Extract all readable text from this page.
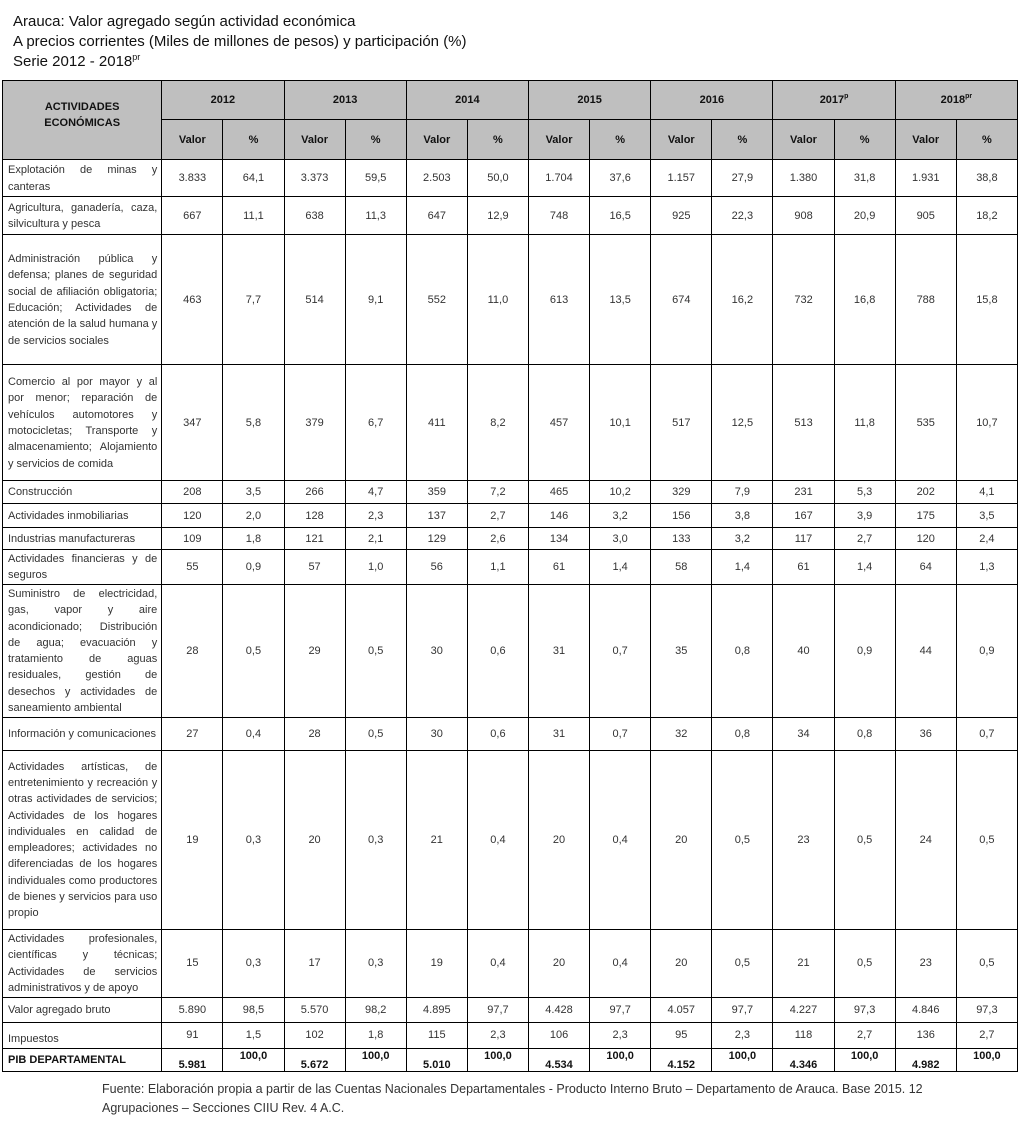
Arauca: Valor agregado según actividad económica
A precios corrientes (Miles de millones de pesos) y participación (%)
Serie $2012 - 2018^{pr}$
ACTIVIDADES ECONÓMICAS	2012		2013		2014		2015		2016		2017$^p$		$2018^{pr}$
	Valor	%	Valor	%	Valor	%	Valor	%	Valor	%	Valor	%	Valor	%
Explotación de minas y canteras	3.833	64,1	3.373	59,5	2.503	50,0	1.704	37,6	1.157	27,9	1.380	31,8	1.931	38,8
Agricultura, ganadería, caza, silvicultura y pesca	667	11,1	638	11,3	647	12,9	748	16,5	925	22,3	908	20,9	905	18,2
Administración pública y defensa; planes de seguridad social de afiliación obligatoria; Educación; Actividades de atención de la salud humana y de servicios sociales	463	7,7	514	9,1	552	11,0	613	13,5	674	16,2	732	16,8	788	15,8
Comercio al por mayor y al por menor; reparación de vehículos automotores y motocicletas; Transporte y almacenamiento; Alojamiento y servicios de comida	347	5,8	379	6,7	411	8,2	457	10,1	517	12,5	513	11,8	535	10,7
Construcción	208	3,5	266	4,7	359	7,2	465	10,2	329	7,9	231	5,3	202	4,1
Actividades inmobiliarias	120	2,0	128	2,3	137	2,7	146	3,2	156	3,8	167	3,9	175	3,5
Industrias manufactureras	109	1,8	121	2,1	129	2,6	134	3,0	133	3,2	117	2,7	120	2,4
Actividades financieras y de seguros	55	0,9	57	1,0	56	1,1	61	1,4	58	1,4	61	1,4	64	1,3
Suministro de electricidad, gas, vapor y aire acondicionado; Distribución de agua; evacuación y tratamiento de aguas residuales, gestión de desechos y actividades de saneamiento ambiental	28	0,5	29	0,5	30	0,6	31	0,7	35	0,8	40	0,9	44	0,9
Información y comunicaciones	27	0,4	28	0,5	30	0,6	31	0,7	32	0,8	34	0,8	36	0,7
Actividades artísticas, de entretenimiento y recreación y otras actividades de servicios; Actividades de los hogares individuales en calidad de empleadores; actividades no diferenciadas de los hogares individuales como productores de bienes y servicios para uso propio	19	0,3	20	0,3	21	0,4	20	0,4	20	0,5	23	0,5	24	0,5
Actividades profesionales, científicas y técnicas; Actividades de servicios administrativos y de apoyo	15	0,3	17	0,3	19	0,4	20	0,4	20	0,5	21	0,5	23	0,5
Valor agregado bruto	5.890	98,5	5.570	98,2	4.895	97,7	4.428	97,7	4.057	97,7	4.227	97,3	4.846	97,3
Impuestos	91	1,5	102	1,8	115	2,3	106	2,3	95	2,3	118	2,7	136	2,7
PIB DEPARTAMENTAL	5.981	100,0	5.672	100,0	5.010	100,0	4.534	100,0	4.152	100,0	4.346	100,0	4.982	100,0
Fuente: Elaboración propia a partir de las Cuentas Nacionales Departamentales - Producto Interno Bruto – Departamento de Arauca. Base 2015. 12 Agrupaciones – Secciones CIIU Rev. 4 A.C.
